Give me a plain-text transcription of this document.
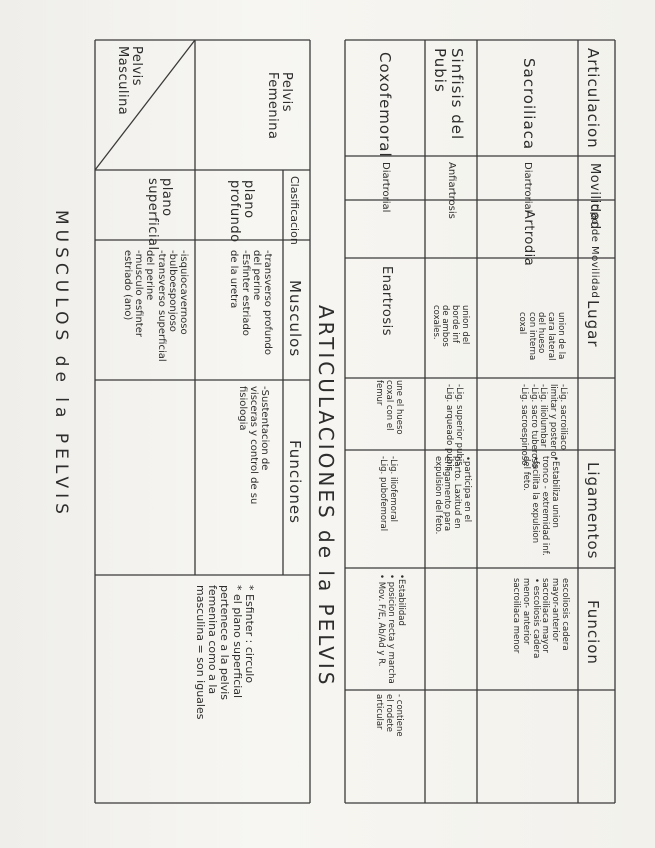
Articulacion
Movilidad
tipo de Movilidad
Lugar
Ligamentos
Funcion
Sacroiliaca
Diartrorial
Artrodia
union de la
cara lateral
del hueso
con interna
coxal
-Lig. sacroiliaco
limitar y posterior
-Lig. iliolumbar
-Lig. sacro tuberoso
-Lig. sacroespinoso
•Estabiliza union
tronco - extremidad inf.
•facilita la expulsion
del feto.
escoliosis cadera
mayor-anterior
sacroiliaca mayor
• escoliosis cadera
menor- anterior
sacroiliaca menor
Sinfisis del
Pubis
Anfiartrosis
union del
borde inf
de ambos
coxales.
-Lig. superior pubis
-Lig. arqueado pubis •participa en el
parto. Laxitud en
el ligamento para
expulsion del feto.
Coxofemoral
Diartrorial
Enartrosis
une el hueso
coxal con el
femur
-Lig. iliofemoral
-Lig. pubofemoral
•Estabilidad
• posicion recta y marcha
• Mov. F/E, Ab/Ad y R.
- contiene
el rodete
articular
ARTICULACIONES de la PELVIS
Clasificacion
Musculos
Funciones
Pelvis
Femenina
Pelvis
Masculina
plano
profundo
-transverso profundo
del perine
-Esfinter estriado
de la uretra
-Sustentacion de
visceras y control de su
fisiologia
plano
superficial
-isquiocavernoso
-bulboesponjoso
-transverso superficial
del perine
-musculo esfinter
estriado (ano)
* Esfinter : circulo
* el plano superficial
pertenece a la pelvis
femenina como a la
masculina = son iguales
MUSCULOS de la PELVIS
